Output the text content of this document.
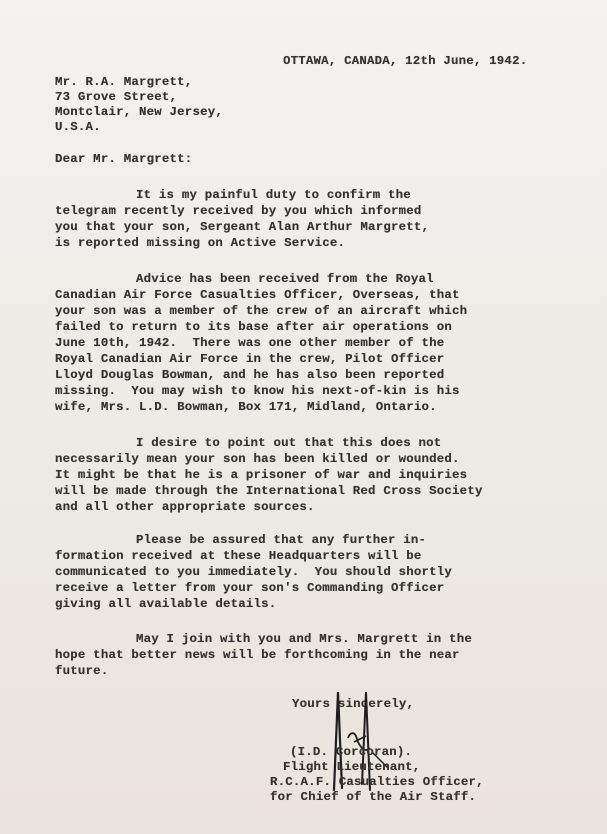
OTTAWA, CANADA, 12th June, 1942.
Mr. R.A. Margrett,
73 Grove Street,
Montclair, New Jersey,
U.S.A.
Dear Mr. Margrett:
It is my painful duty to confirm the
telegram recently received by you which informed
you that your son, Sergeant Alan Arthur Margrett,
is reported missing on Active Service.
Advice has been received from the Royal
Canadian Air Force Casualties Officer, Overseas, that
your son was a member of the crew of an aircraft which
failed to return to its base after air operations on
June 10th, 1942.  There was one other member of the
Royal Canadian Air Force in the crew, Pilot Officer
Lloyd Douglas Bowman, and he has also been reported
missing.  You may wish to know his next-of-kin is his
wife, Mrs. L.D. Bowman, Box 171, Midland, Ontario.
I desire to point out that this does not
necessarily mean your son has been killed or wounded.
It might be that he is a prisoner of war and inquiries
will be made through the International Red Cross Society
and all other appropriate sources.
Please be assured that any further in-
formation received at these Headquarters will be
communicated to you immediately.  You should shortly
receive a letter from your son's Commanding Officer
giving all available details.
May I join with you and Mrs. Margrett in the
hope that better news will be forthcoming in the near
future.
Yours sincerely,
(I.D. Corcoran).
Flight Lieutenant,
R.C.A.F. Casualties Officer,
for Chief of the Air Staff.
